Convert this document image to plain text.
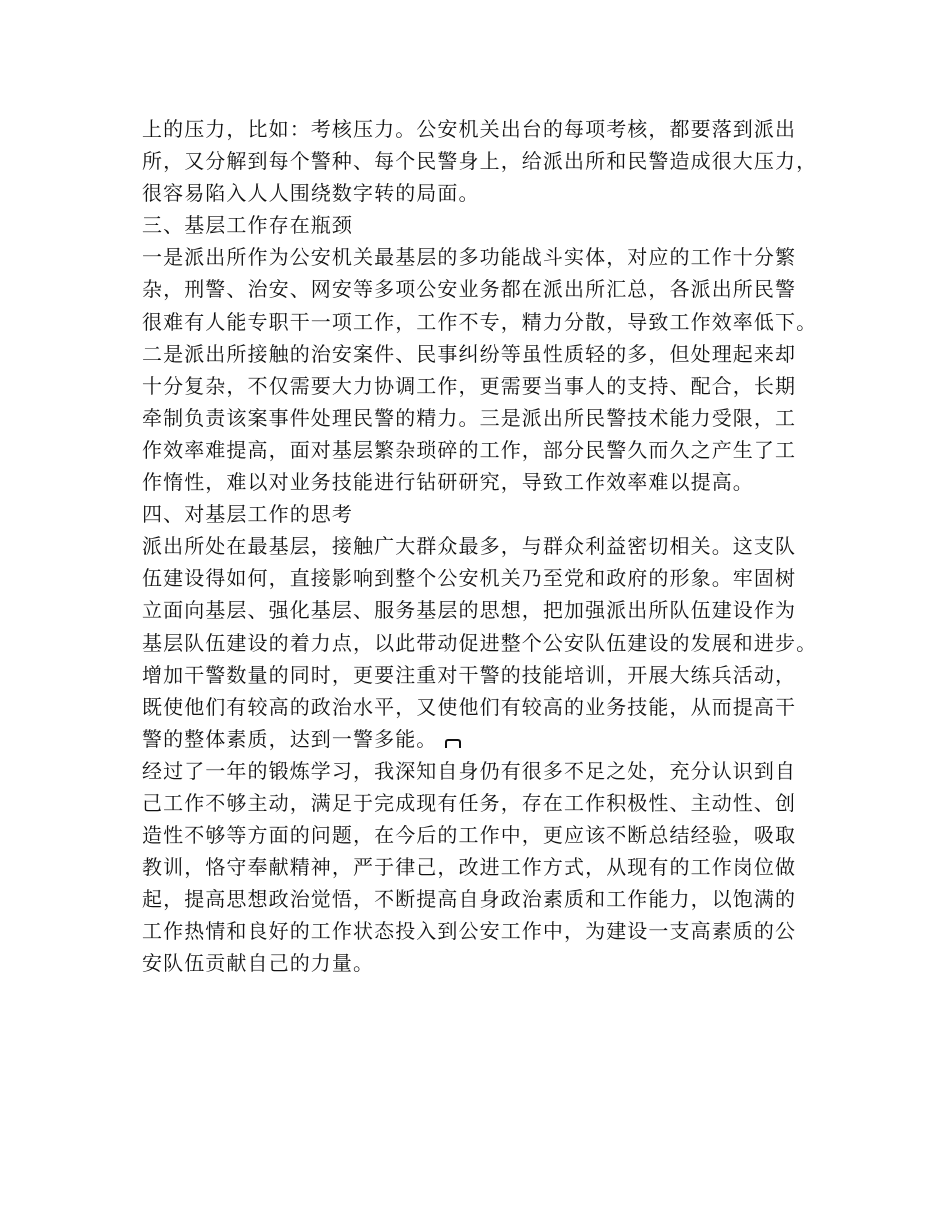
上的压力，比如：考核压力。公安机关出台的每项考核，都要落到派出
所，又分解到每个警种、每个民警身上，给派出所和民警造成很大压力，
很容易陷入人人围绕数字转的局面。
三、基层工作存在瓶颈
一是派出所作为公安机关最基层的多功能战斗实体，对应的工作十分繁
杂，刑警、治安、网安等多项公安业务都在派出所汇总，各派出所民警
很难有人能专职干一项工作，工作不专，精力分散，导致工作效率低下。
二是派出所接触的治安案件、民事纠纷等虽性质轻的多，但处理起来却
十分复杂，不仅需要大力协调工作，更需要当事人的支持、配合，长期
牵制负责该案事件处理民警的精力。三是派出所民警技术能力受限，工
作效率难提高，面对基层繁杂琐碎的工作，部分民警久而久之产生了工
作惰性，难以对业务技能进行钻研研究，导致工作效率难以提高。
四、对基层工作的思考
派出所处在最基层，接触广大群众最多，与群众利益密切相关。这支队
伍建设得如何，直接影响到整个公安机关乃至党和政府的形象。牢固树
立面向基层、强化基层、服务基层的思想，把加强派出所队伍建设作为
基层队伍建设的着力点，以此带动促进整个公安队伍建设的发展和进步。
增加干警数量的同时，更要注重对干警的技能培训，开展大练兵活动，
既使他们有较高的政治水平，又使他们有较高的业务技能，从而提高干
警的整体素质，达到一警多能。
经过了一年的锻炼学习，我深知自身仍有很多不足之处，充分认识到自
己工作不够主动，满足于完成现有任务，存在工作积极性、主动性、创
造性不够等方面的问题，在今后的工作中，更应该不断总结经验，吸取
教训，恪守奉献精神，严于律己，改进工作方式，从现有的工作岗位做
起，提高思想政治觉悟，不断提高自身政治素质和工作能力，以饱满的
工作热情和良好的工作状态投入到公安工作中，为建设一支高素质的公
安队伍贡献自己的力量。
